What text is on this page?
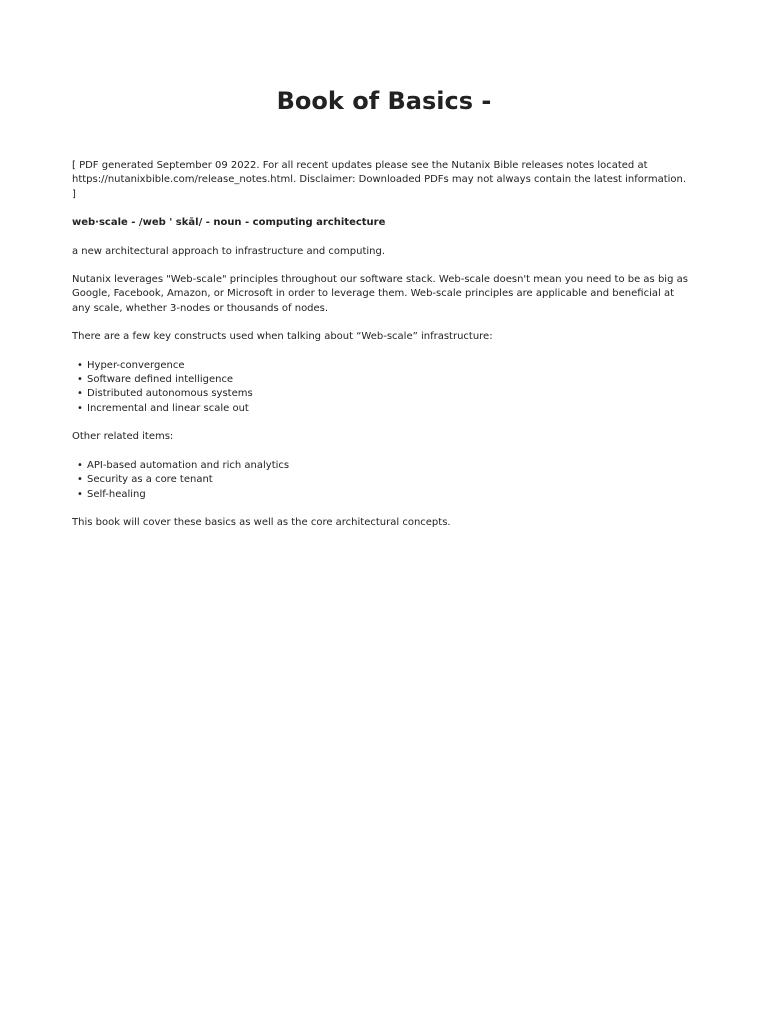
Book of Basics -

[ PDF generated September 09 2022. For all recent updates please see the Nutanix Bible releases notes located at https://nutanixbible.com/release_notes.html. Disclaimer: Downloaded PDFs may not always contain the latest information. ]

web·scale - /web ' skāl/ - noun - computing architecture

a new architectural approach to infrastructure and computing.

Nutanix leverages "Web-scale" principles throughout our software stack. Web-scale doesn't mean you need to be as big as Google, Facebook, Amazon, or Microsoft in order to leverage them. Web-scale principles are applicable and beneficial at any scale, whether 3-nodes or thousands of nodes.

There are a few key constructs used when talking about “Web-scale” infrastructure:

• Hyper-convergence
• Software defined intelligence
• Distributed autonomous systems
• Incremental and linear scale out

Other related items:

• API-based automation and rich analytics
• Security as a core tenant
• Self-healing

This book will cover these basics as well as the core architectural concepts.
